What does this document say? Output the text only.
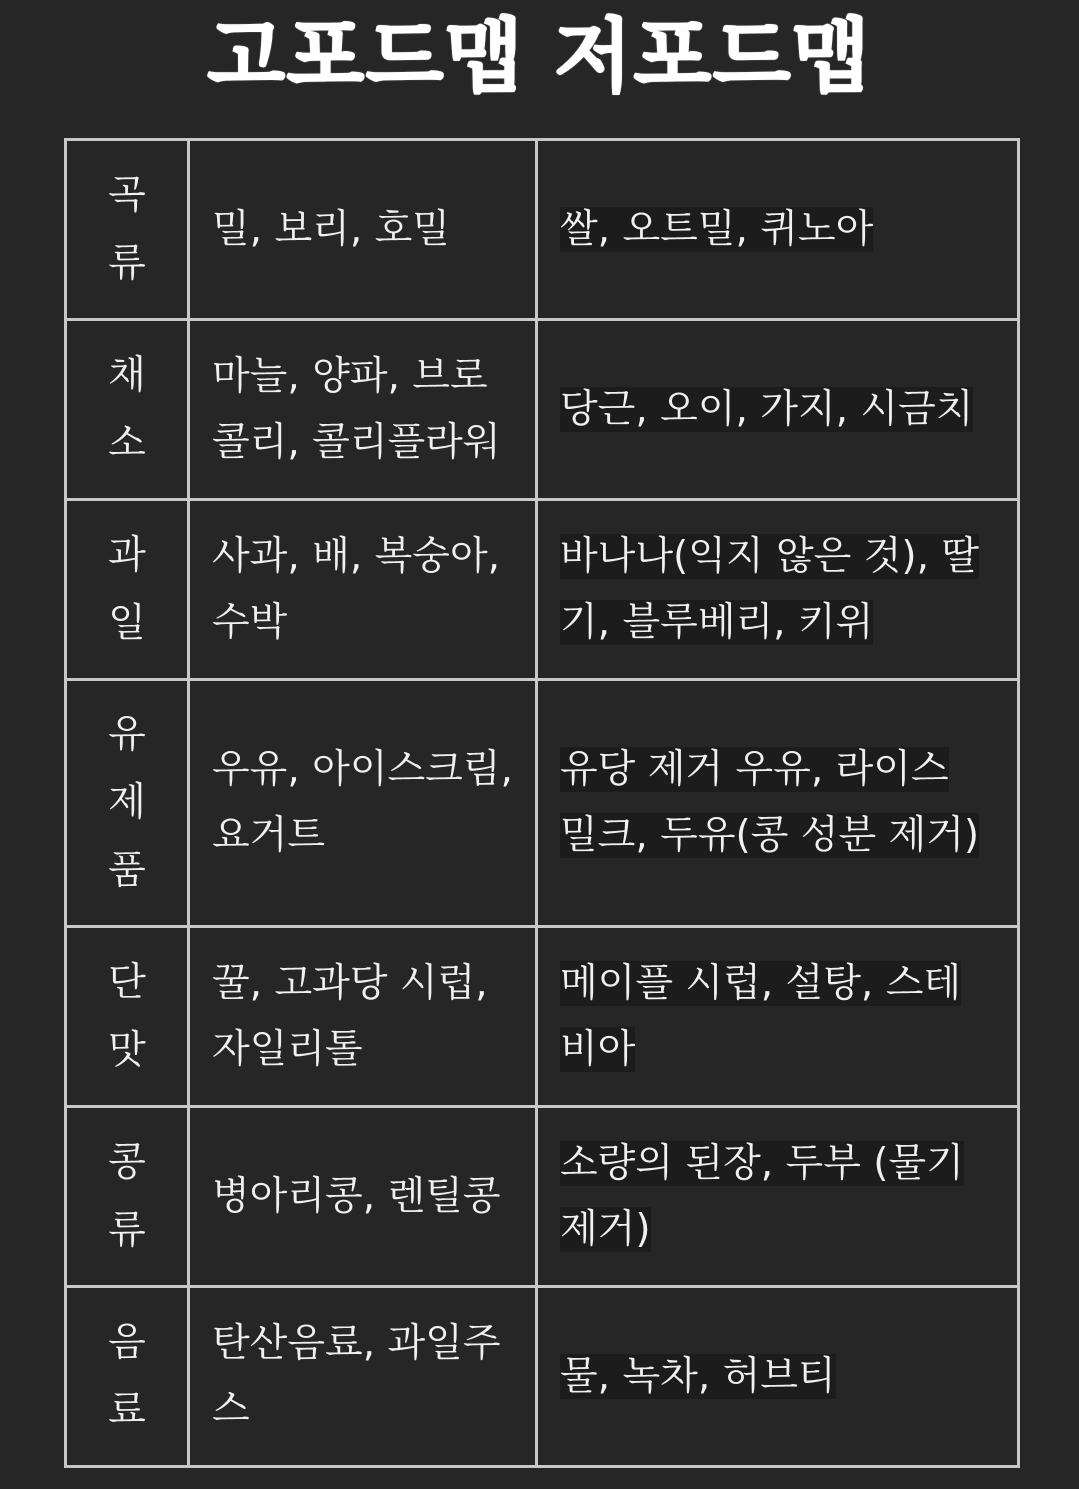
고포드맵 저포드맵
곡류	밀, 보리, 호밀	쌀, 오트밀, 퀴노아

채소	마늘, 양파, 브로콜리, 콜리플라워	당근, 오이, 가지, 시금치

과일	사과, 배, 복숭아, 수박	바나나(익지 않은 것), 딸기, 블루베리, 키위

유제품	우유, 아이스크림, 요거트	유당 제거 우유, 라이스 밀크, 두유(콩 성분 제거)

단맛	꿀, 고과당 시럽, 자일리톨	메이플 시럽, 설탕, 스테비아

콩류	병아리콩, 렌틸콩	소량의 된장, 두부 (물기 제거)

음료	탄산음료, 과일주스	물, 녹차, 허브티
